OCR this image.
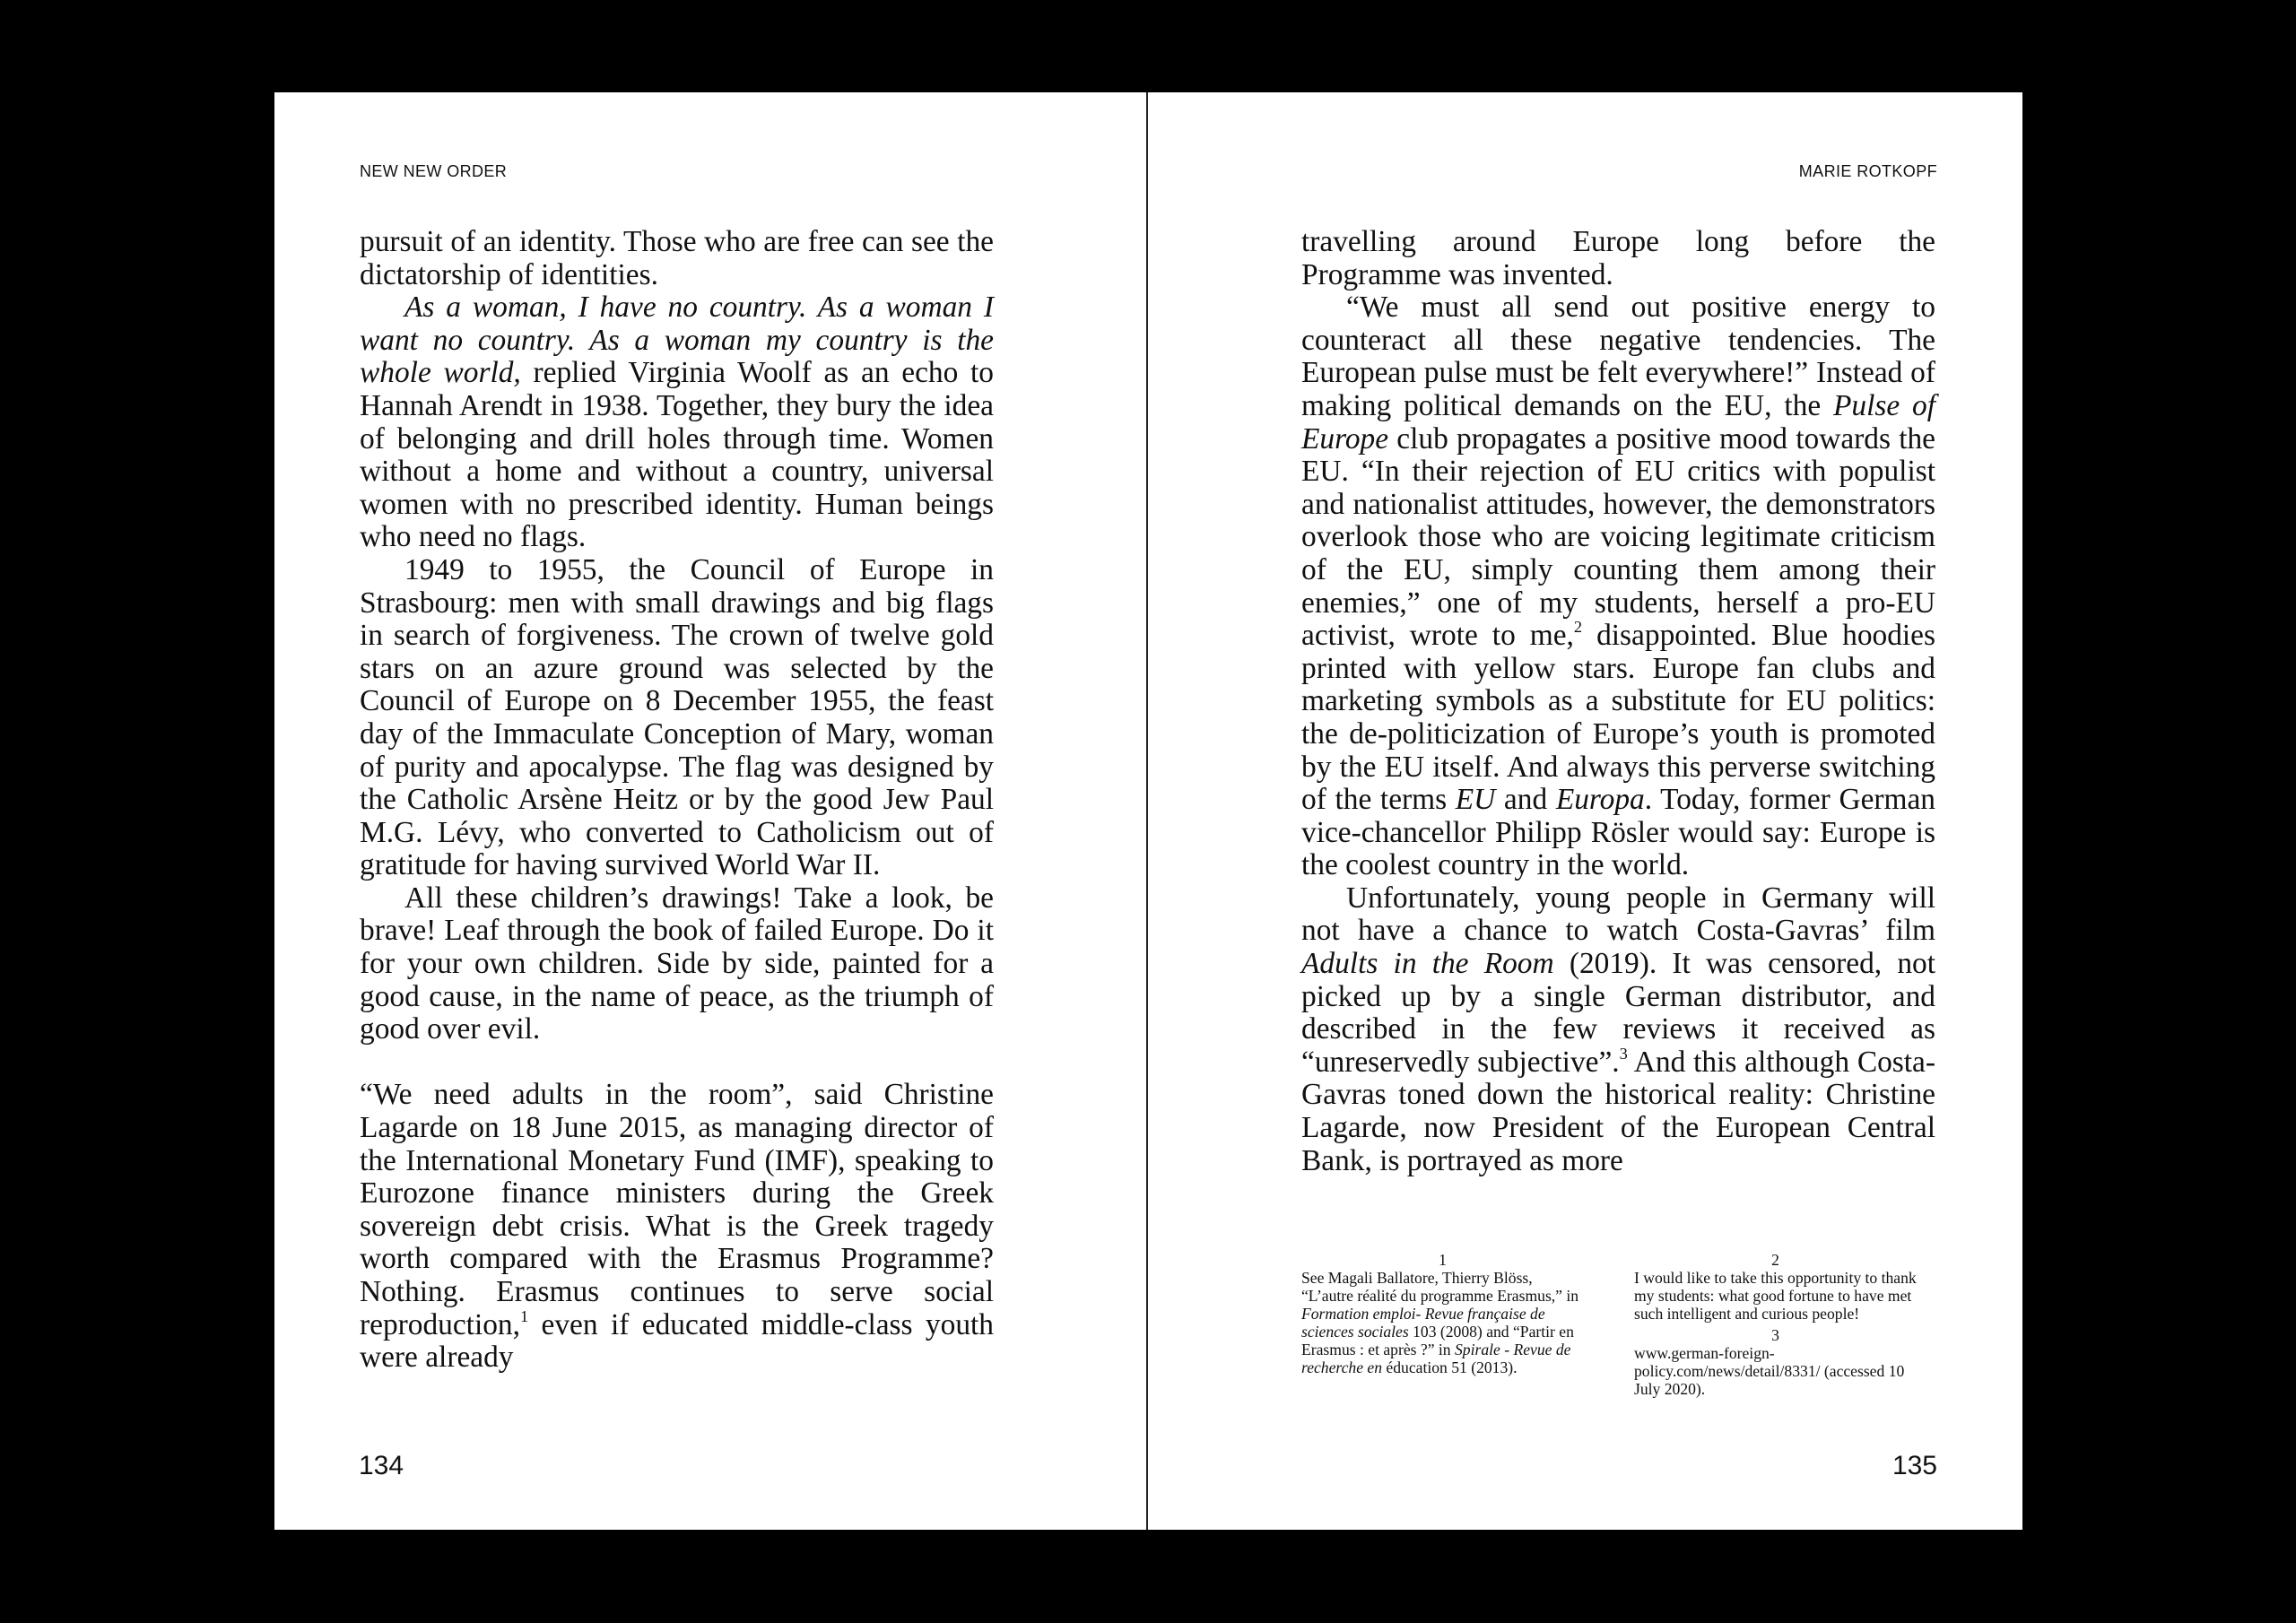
NEW NEW ORDER

pursuit of an identity. Those who are free can see the dictatorship of identities.

As a woman, I have no country. As a woman I want no country. As a woman my country is the whole world, replied Virginia Woolf as an echo to Hannah Arendt in 1938. Together, they bury the idea of belonging and drill holes through time. Women without a home and without a country, universal women with no prescribed identity. Human beings who need no flags.

1949 to 1955, the Council of Europe in Strasbourg: men with small drawings and big flags in search of forgiveness. The crown of twelve gold stars on an azure ground was selected by the Council of Europe on 8 December 1955, the feast day of the Immaculate Conception of Mary, woman of purity and apocalypse. The flag was designed by the Catholic Arsène Heitz or by the good Jew Paul M.G. Lévy, who converted to Catholicism out of gratitude for having survived World War II.

All these children’s drawings! Take a look, be brave! Leaf through the book of failed Europe. Do it for your own children. Side by side, painted for a good cause, in the name of peace, as the triumph of good over evil.

“We need adults in the room”, said Christine Lagarde on 18 June 2015, as managing director of the International Monetary Fund (IMF), speaking to Eurozone finance ministers during the Greek sovereign debt crisis. What is the Greek tragedy worth compared with the Erasmus Programme? Nothing. Erasmus continues to serve social reproduction,$^1$ even if educated middle-class youth were already

134
MARIE ROTKOPF

travelling around Europe long before the Programme was invented.

“We must all send out positive energy to counteract all these negative tendencies. The European pulse must be felt everywhere!” Instead of making political demands on the EU, the Pulse of Europe club propagates a positive mood towards the EU. “In their rejection of EU critics with populist and nationalist attitudes, however, the demonstrators overlook those who are voicing legitimate criticism of the EU, simply counting them among their enemies,” one of my students, herself a pro-EU activist, wrote to me,$^2$ disappointed. Blue hoodies printed with yellow stars. Europe fan clubs and marketing symbols as a substitute for EU politics: the de-politicization of Europe’s youth is promoted by the EU itself. And always this perverse switching of the terms EU and Europa. Today, former German vice-chancellor Philipp Rösler would say: Europe is the coolest country in the world.

Unfortunately, young people in Germany will not have a chance to watch Costa-Gavras’ film Adults in the Room (2019). It was censored, not picked up by a single German distributor, and described in the few reviews it received as “unreservedly subjective”.$^3$ And this although Costa-Gavras toned down the historical reality: Christine Lagarde, now President of the European Central Bank, is portrayed as more

1
See Magali Ballatore, Thierry Blöss, “L’autre réalité du programme Erasmus,” in Formation emploi- Revue française de sciences sociales 103 (2008) and “Partir en Erasmus : et après ?” in Spirale - Revue de recherche en éducation 51 (2013).
2
I would like to take this opportunity to thank my students: what good fortune to have met such intelligent and curious people!
3
www.german-foreign-policy.com/news/detail/8331/ (accessed 10 July 2020).
135
